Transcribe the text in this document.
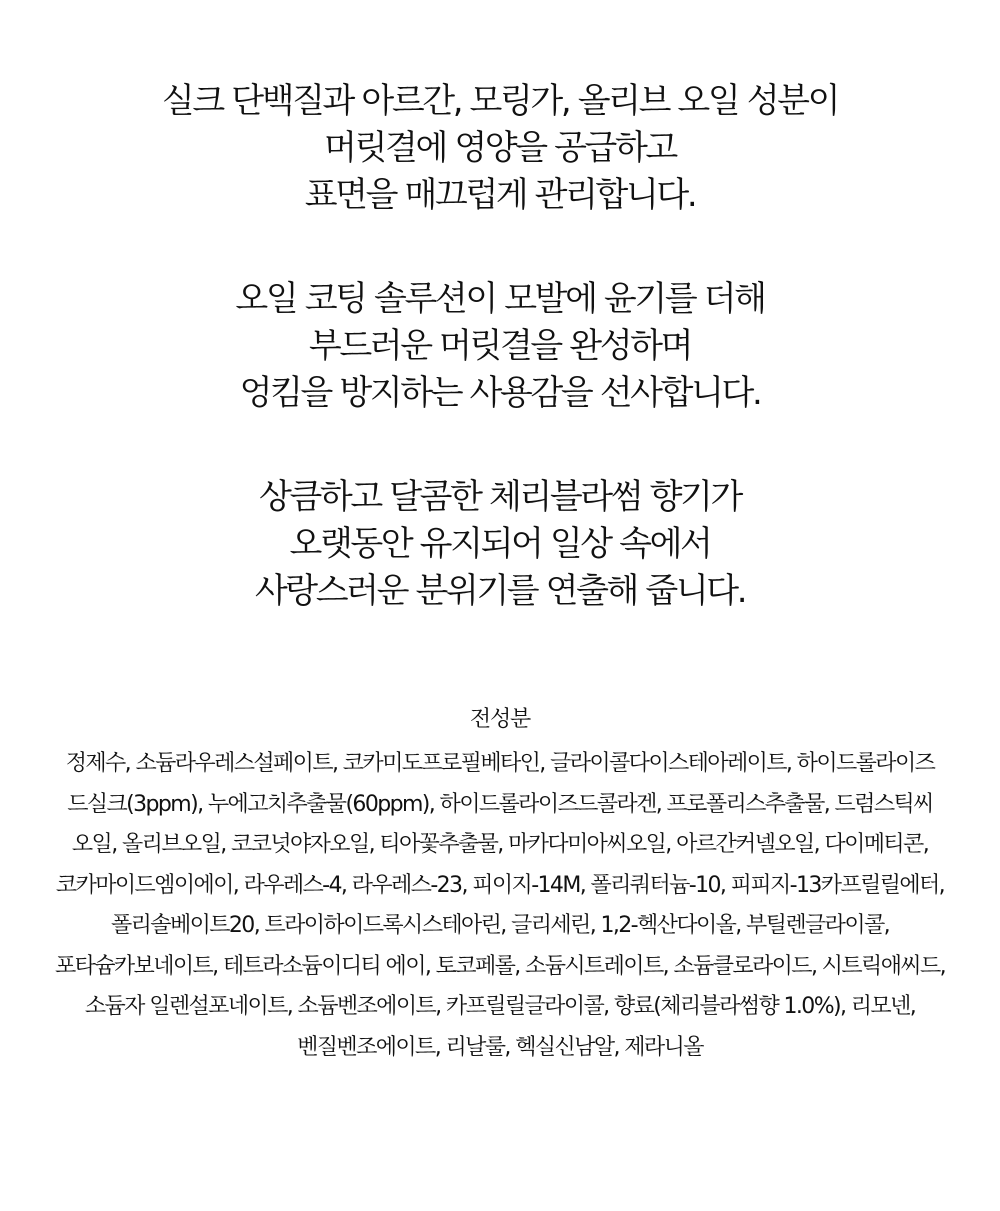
실크 단백질과 아르간, 모링가, 올리브 오일 성분이
머릿결에 영양을 공급하고
표면을 매끄럽게 관리합니다.

오일 코팅 솔루션이 모발에 윤기를 더해
부드러운 머릿결을 완성하며
엉킴을 방지하는 사용감을 선사합니다.

상큼하고 달콤한 체리블라썸 향기가
오랫동안 유지되어 일상 속에서
사랑스러운 분위기를 연출해 줍니다.

전성분
정제수, 소듐라우레스설페이트, 코카미도프로필베타인, 글라이콜다이스테아레이트, 하이드롤라이즈
드실크(3ppm), 누에고치추출물(60ppm), 하이드롤라이즈드콜라겐, 프로폴리스추출물, 드럼스틱씨
오일, 올리브오일, 코코넛야자오일, 티아꽃추출물, 마카다미아씨오일, 아르간커넬오일, 다이메티콘,
코카마이드엠이에이, 라우레스-4, 라우레스-23, 피이지-14M, 폴리쿼터늄-10, 피피지-13카프릴릴에터,
폴리솔베이트20, 트라이하이드록시스테아린, 글리세린, 1,2-헥산다이올, 부틸렌글라이콜,
포타슘카보네이트, 테트라소듐이디티 에이, 토코페롤, 소듐시트레이트, 소듐클로라이드, 시트릭애씨드,
소듐자 일렌설포네이트, 소듐벤조에이트, 카프릴릴글라이콜, 향료(체리블라썸향 1.0%), 리모넨,
벤질벤조에이트, 리날룰, 헥실신남알, 제라니올
